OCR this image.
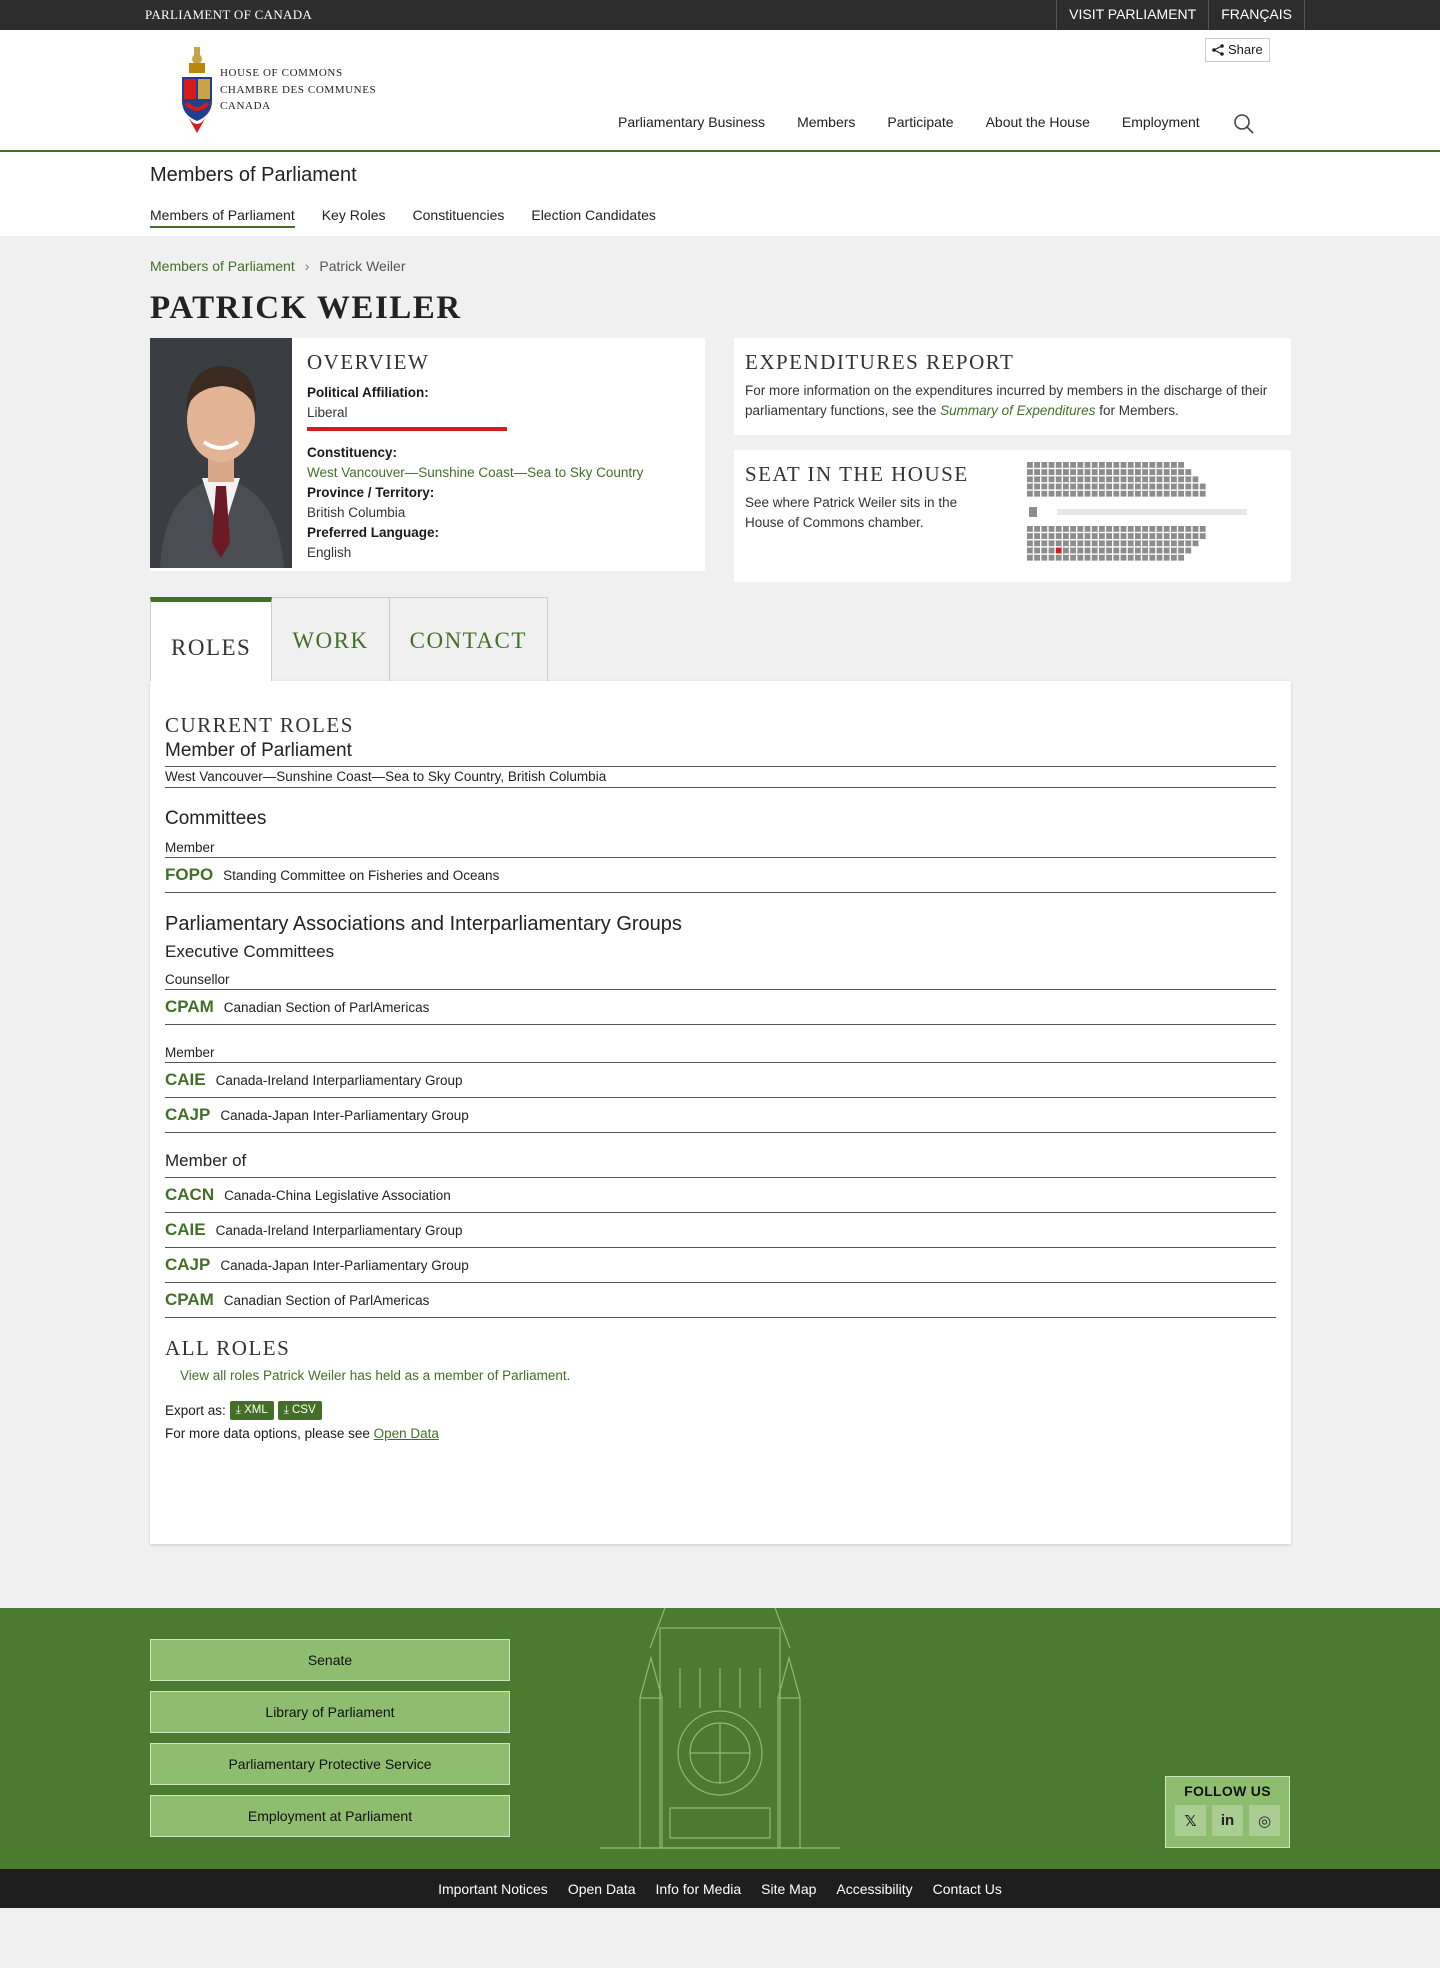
PARLIAMENT OF CANADA	VISIT PARLIAMENT	FRANÇAIS
HOUSE OF COMMONS
CHAMBRE DES COMMUNES
CANADA
Share
Parliamentary Business Members Participate About the House Employment
Members of Parliament
Members of Parliament Key Roles Constituencies Election Candidates
Members of Parliament › Patrick Weiler
PATRICK WEILER
OVERVIEW
Political Affiliation:
Liberal
Constituency:
West Vancouver—Sunshine Coast—Sea to Sky Country
Province / Territory:
British Columbia
Preferred Language:
English
EXPENDITURES REPORT

For more information on the expenditures incurred by members in the discharge of their parliamentary functions, see the Summary of Expenditures for Members.

SEAT IN THE HOUSE

See where Patrick Weiler sits in the House of Commons chamber.

ROLES	WORK	CONTACT
CURRENT ROLES
Member of Parliament
West Vancouver—Sunshine Coast—Sea to Sky Country, British Columbia
Committees
Member
FOPO Standing Committee on Fisheries and Oceans
Parliamentary Associations and Interparliamentary Groups
Executive Committees
Counsellor
CPAM Canadian Section of ParlAmericas
Member
CAIE Canada-Ireland Interparliamentary Group
CAJP Canada-Japan Inter-Parliamentary Group
Member of
CACN Canada-China Legislative Association
CAIE Canada-Ireland Interparliamentary Group
CAJP Canada-Japan Inter-Parliamentary Group
CPAM Canadian Section of ParlAmericas
ALL ROLES
View all roles Patrick Weiler has held as a member of Parliament.
Export as: ⤓ XML	⤓ CSV
For more data options, please see Open Data
Senate
Library of Parliament
Parliamentary Protective Service
Employment at Parliament
FOLLOW US
𝕏	in	◎
Important Notices Open Data Info for Media Site Map Accessibility Contact Us
